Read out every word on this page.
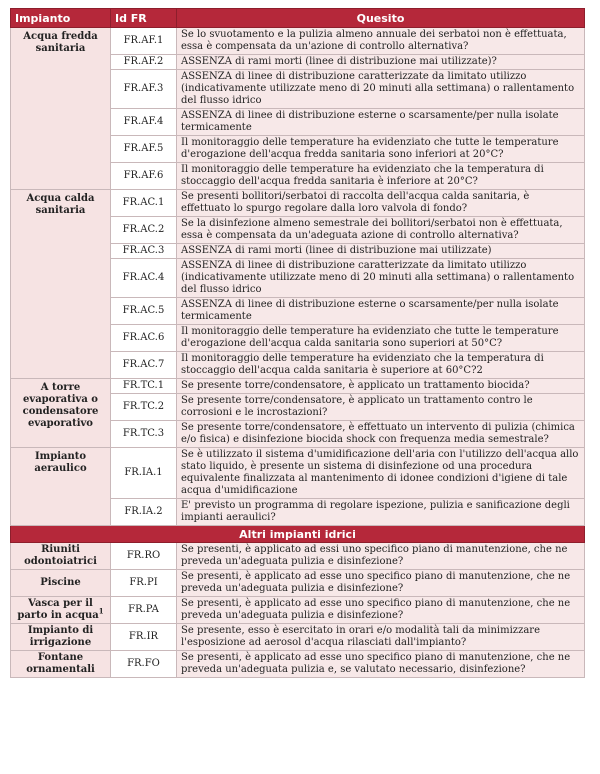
Impianto	Id FR	Quesito
Acqua fredda sanitaria	FR.AF.1	Se lo svuotamento e la pulizia almeno annuale dei serbatoi non è effettuata, essa è compensata da un'azione di controllo alternativa?
	FR.AF.2	ASSENZA di rami morti (linee di distribuzione mai utilizzate)?
	FR.AF.3	ASSENZA di linee di distribuzione caratterizzate da limitato utilizzo (indicativamente utilizzate meno di 20 minuti alla settimana) o rallentamento del flusso idrico
	FR.AF.4	ASSENZA di linee di distribuzione esterne o scarsamente/per nulla isolate termicamente
	FR.AF.5	Il monitoraggio delle temperature ha evidenziato che tutte le temperature d'erogazione dell'acqua fredda sanitaria sono inferiori at 20°C?
	FR.AF.6	Il monitoraggio delle temperature ha evidenziato che la temperatura di stoccaggio dell'acqua fredda sanitaria è inferiore at 20°C?
Acqua calda sanitaria	FR.AC.1	Se presenti bollitori/serbatoi di raccolta dell'acqua calda sanitaria, è effettuato lo spurgo regolare dalla loro valvola di fondo?
	FR.AC.2	Se la disinfezione almeno semestrale dei bollitori/serbatoi non è effettuata, essa è compensata da un'adeguata azione di controllo alternativa?
	FR.AC.3	ASSENZA di rami morti (linee di distribuzione mai utilizzate)
	FR.AC.4	ASSENZA di linee di distribuzione caratterizzate da limitato utilizzo (indicativamente utilizzate meno di 20 minuti alla settimana) o rallentamento del flusso idrico
	FR.AC.5	ASSENZA di linee di distribuzione esterne o scarsamente/per nulla isolate termicamente
	FR.AC.6	Il monitoraggio delle temperature ha evidenziato che tutte le temperature d'erogazione dell'acqua calda sanitaria sono superiori at 50°C?
	FR.AC.7	Il monitoraggio delle temperature ha evidenziato che la temperatura di stoccaggio dell'acqua calda sanitaria è superiore at 60°C?2
A torre evaporativa o condensatore evaporativo	FR.TC.1	Se presente torre/condensatore, è applicato un trattamento biocida?
	FR.TC.2	Se presente torre/condensatore, è applicato un trattamento contro le corrosioni e le incrostazioni?
	FR.TC.3	Se presente torre/condensatore, è effettuato un intervento di pulizia (chimica e/o fisica) e disinfezione biocida shock con frequenza media semestrale?
Impianto aeraulico	FR.IA.1	Se è utilizzato il sistema d'umidificazione dell'aria con l'utilizzo dell'acqua allo stato liquido, è presente un sistema di disinfezione od una procedura equivalente finalizzata al mantenimento di idonee condizioni d'igiene di tale acqua d'umidificazione
	FR.IA.2	E' previsto un programma di regolare ispezione, pulizia e sanificazione degli impianti aeraulici?
Altri impianti idrici		
Riuniti odontoiatrici	FR.RO	Se presenti, è applicato ad essi uno specifico piano di manutenzione, che ne preveda un'adeguata pulizia e disinfezione?
Piscine	FR.PI	Se presenti, è applicato ad esse uno specifico piano di manutenzione, che ne preveda un'adeguata pulizia e disinfezione?
Vasca per il parto in acqua$^1$	FR.PA	Se presenti, è applicato ad esse uno specifico piano di manutenzione, che ne preveda un'adeguata pulizia e disinfezione?
Impianto di irrigazione	FR.IR	Se presente, esso è esercitato in orari e/o modalità tali da minimizzare l'esposizione ad aerosol d'acqua rilasciati dall'impianto?
Fontane ornamentali	FR.FO	Se presenti, è applicato ad esse uno specifico piano di manutenzione, che ne preveda un'adeguata pulizia e, se valutato necessario, disinfezione?
